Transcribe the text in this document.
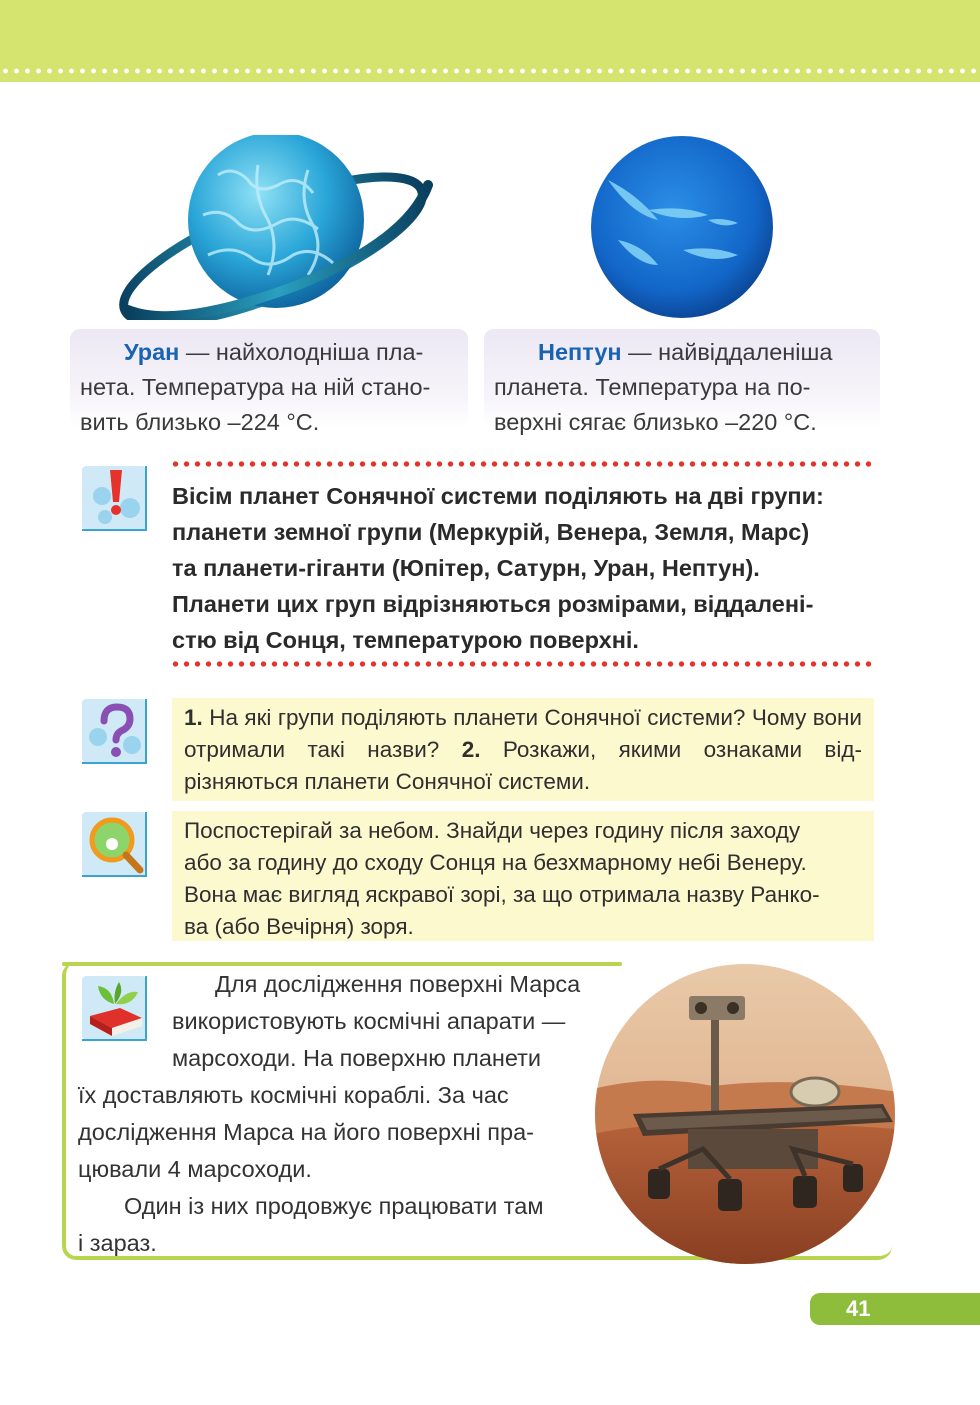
Уран — найхолодніша пла-

нета. Температура на ній стано-
вить близько –224 °С.

Нептун — найвіддаленіша

планета. Температура на по-
верхні сягає близько –220 °С.
Вісім планет Сонячної системи поділяють на дві групи:
планети земної групи (Меркурій, Венера, Земля, Марс)
та планети-гіганти (Юпітер, Сатурн, Уран, Нептун).
Планети цих груп відрізняються розмірами, віддалені-
стю від Сонця, температурою поверхні.
1. На які групи поділяють планети Сонячної системи? Чому вони отримали такі назви? 2. Розкажи, якими ознаками від- різняються планети Сонячної системи.
Поспостерігай за небом. Знайди через годину після заходу
або за годину до сходу Сонця на безхмарному небі Венеру.
Вона має вигляд яскравої зорі, за що отримала назву Ранко-
ва (або Вечірня) зоря.
Для дослідження поверхні Марса
використовують космічні апарати —
марсоходи. На поверхню планети
їх доставляють космічні кораблі. За час
дослідження Марса на його поверхні пра-
цювали 4 марсоходи.
Один із них продовжує працювати там
і зараз.
41
